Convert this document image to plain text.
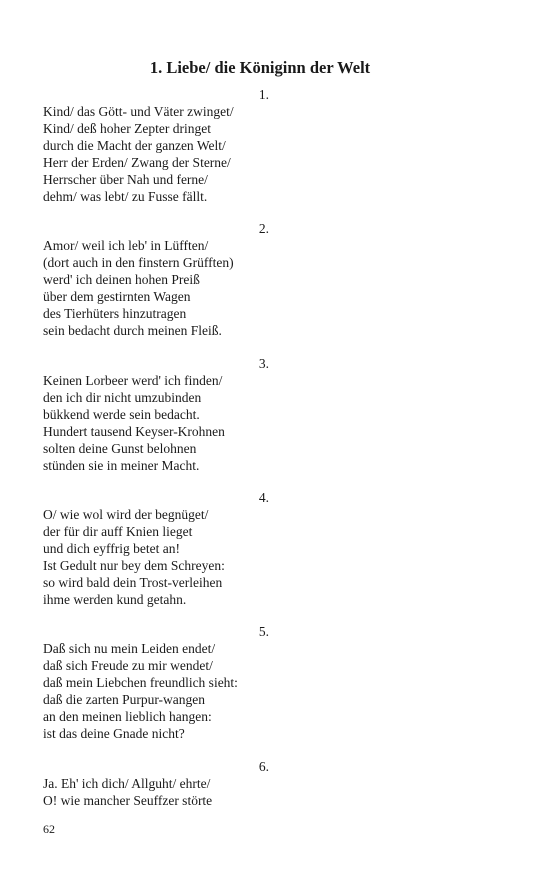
1. Liebe/ die Königinn der Welt
1.
Kind/ das Gött- und Väter zwinget/
Kind/ deß hoher Zepter dringet
durch die Macht der ganzen Welt/
Herr der Erden/ Zwang der Sterne/
Herrscher über Nah und ferne/
dehm/ was lebt/ zu Fusse fällt.
2.
Amor/ weil ich leb' in Lüfften/
(dort auch in den finstern Grüfften)
werd' ich deinen hohen Preiß
über dem gestirnten Wagen
des Tierhüters hinzutragen
sein bedacht durch meinen Fleiß.
3.
Keinen Lorbeer werd' ich finden/
den ich dir nicht umzubinden
bükkend werde sein bedacht.
Hundert tausend Keyser-Krohnen
solten deine Gunst belohnen
stünden sie in meiner Macht.
4.
O/ wie wol wird der begnüget/
der für dir auff Knien lieget
und dich eyffrig betet an!
Ist Gedult nur bey dem Schreyen:
so wird bald dein Trost-verleihen
ihme werden kund getahn.
5.
Daß sich nu mein Leiden endet/
daß sich Freude zu mir wendet/
daß mein Liebchen freundlich sieht:
daß die zarten Purpur-wangen
an den meinen lieblich hangen:
ist das deine Gnade nicht?
6.
Ja. Eh' ich dich/ Allguht/ ehrte/
O! wie mancher Seuffzer störte
62
